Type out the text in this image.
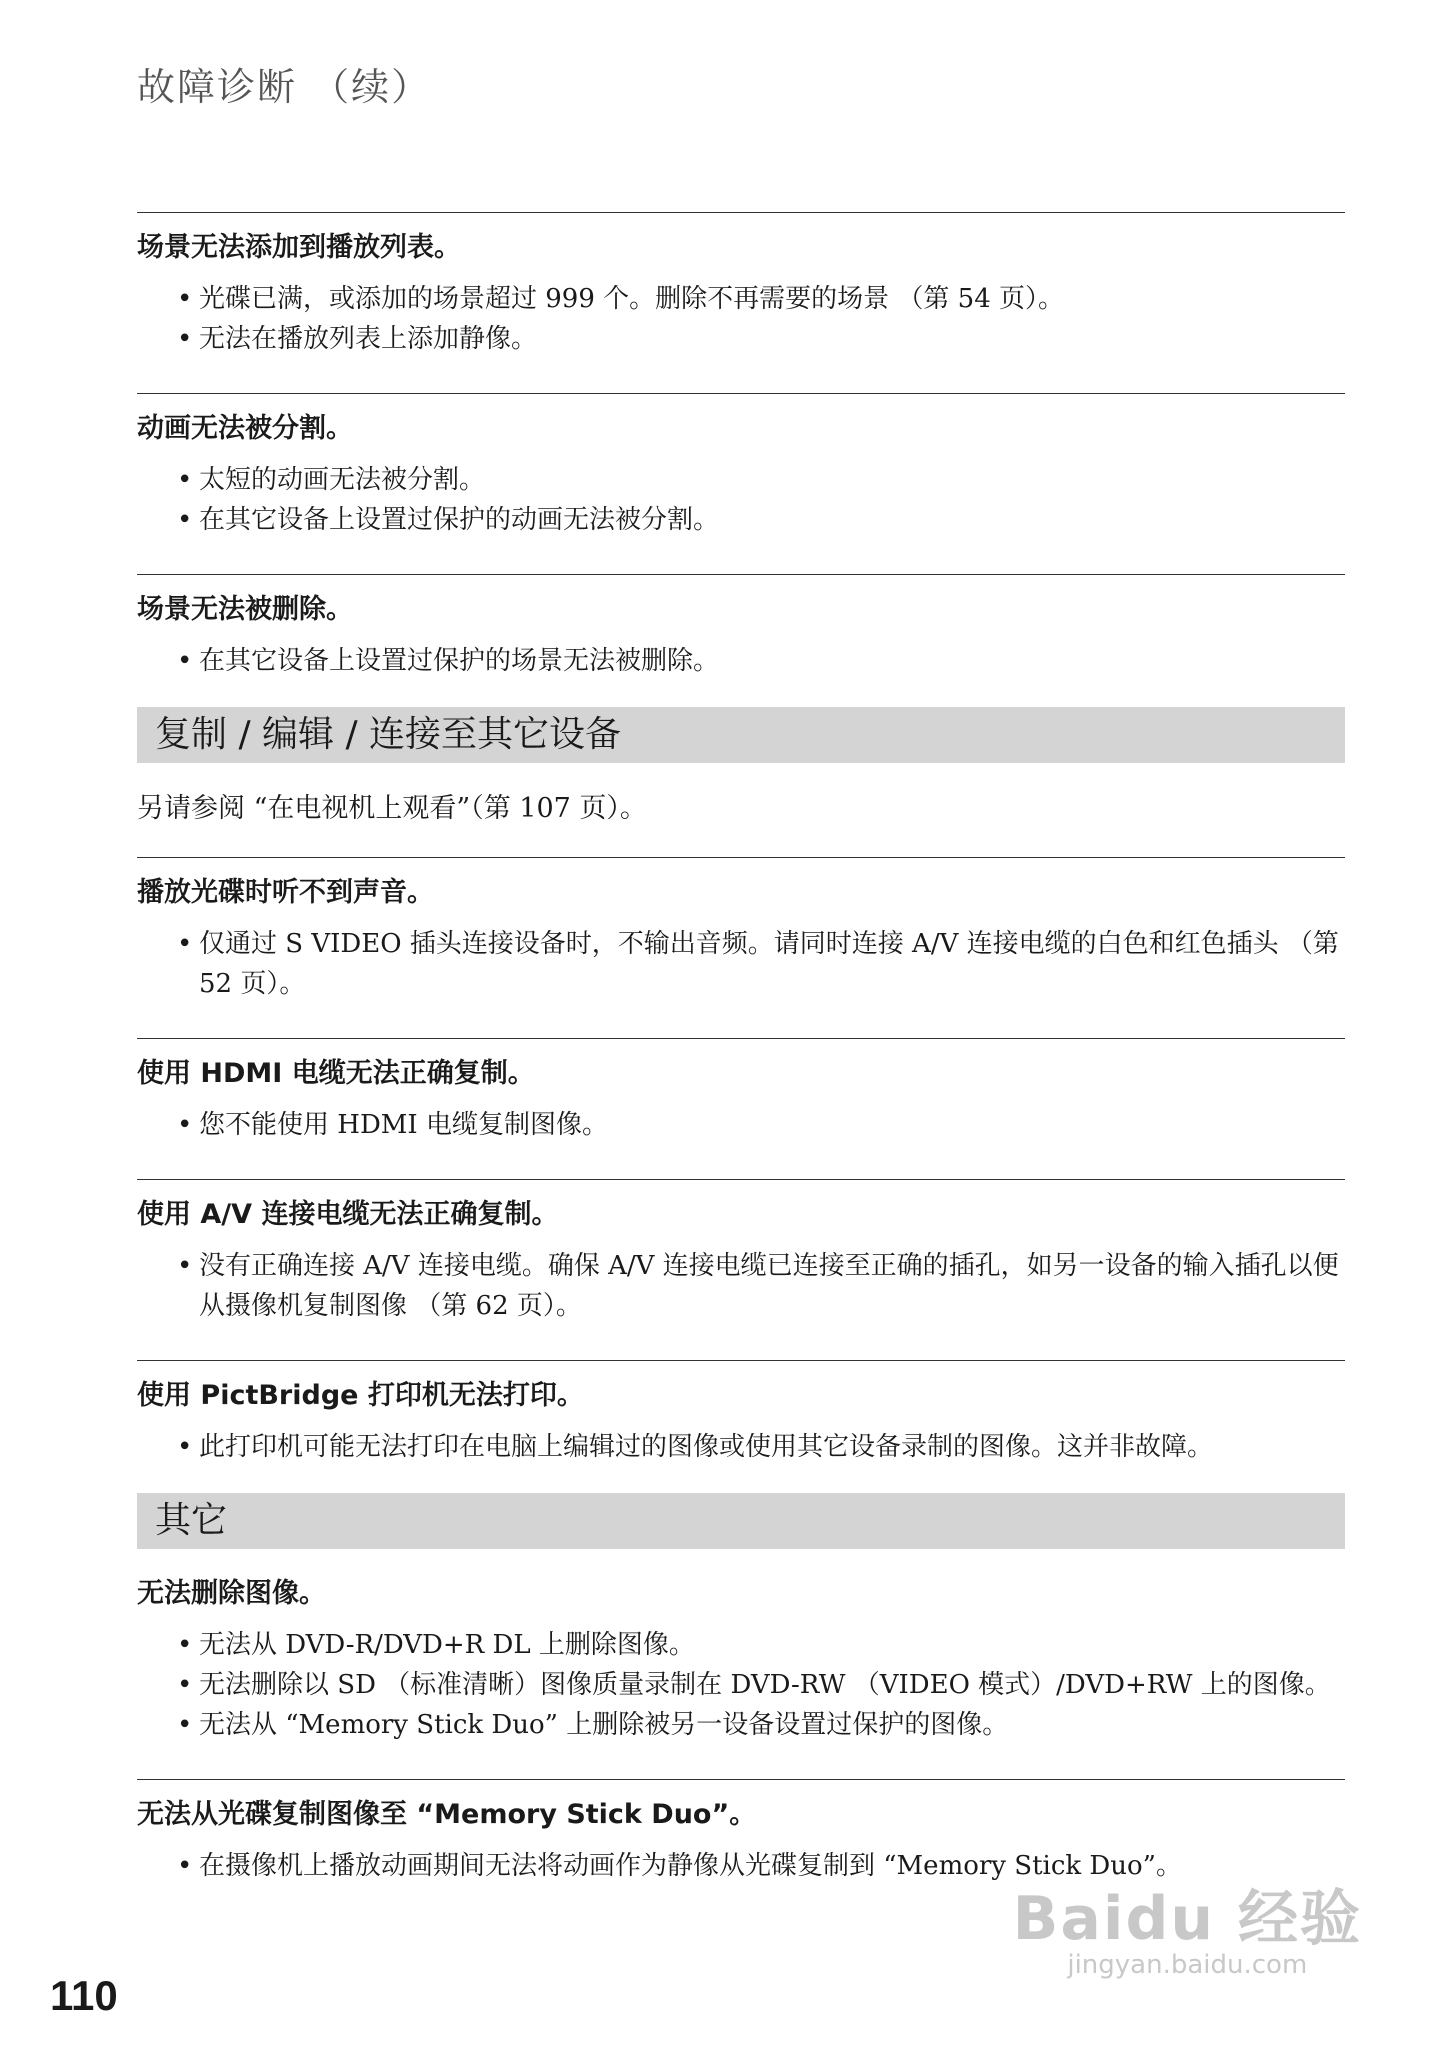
故障诊断 （续）
场景无法添加到播放列表。
• 光碟已满，或添加的场景超过 999 个。删除不再需要的场景 （第 54 页）。
• 无法在播放列表上添加静像。
动画无法被分割。
• 太短的动画无法被分割。
• 在其它设备上设置过保护的动画无法被分割。
场景无法被删除。
• 在其它设备上设置过保护的场景无法被删除。
复制 / 编辑 / 连接至其它设备
另请参阅 “在电视机上观看”（第 107 页）。
播放光碟时听不到声音。
• 仅通过 S VIDEO 插头连接设备时，不输出音频。请同时连接 A/V 连接电缆的白色和红色插头 （第 52 页）。
使用 HDMI 电缆无法正确复制。
• 您不能使用 HDMI 电缆复制图像。
使用 A/V 连接电缆无法正确复制。
• 没有正确连接 A/V 连接电缆。确保 A/V 连接电缆已连接至正确的插孔，如另一设备的输入插孔以便从摄像机复制图像 （第 62 页）。
使用 PictBridge 打印机无法打印。
• 此打印机可能无法打印在电脑上编辑过的图像或使用其它设备录制的图像。这并非故障。
其它
无法删除图像。
• 无法从 DVD-R/DVD+R DL 上删除图像。
• 无法删除以 SD （标准清晰）图像质量录制在 DVD-RW （VIDEO 模式）/DVD+RW 上的图像。
• 无法从 “Memory Stick Duo” 上删除被另一设备设置过保护的图像。
无法从光碟复制图像至 “Memory Stick Duo”。
• 在摄像机上播放动画期间无法将动画作为静像从光碟复制到 “Memory Stick Duo”。
110
Baidu 经验
jingyan.baidu.com
